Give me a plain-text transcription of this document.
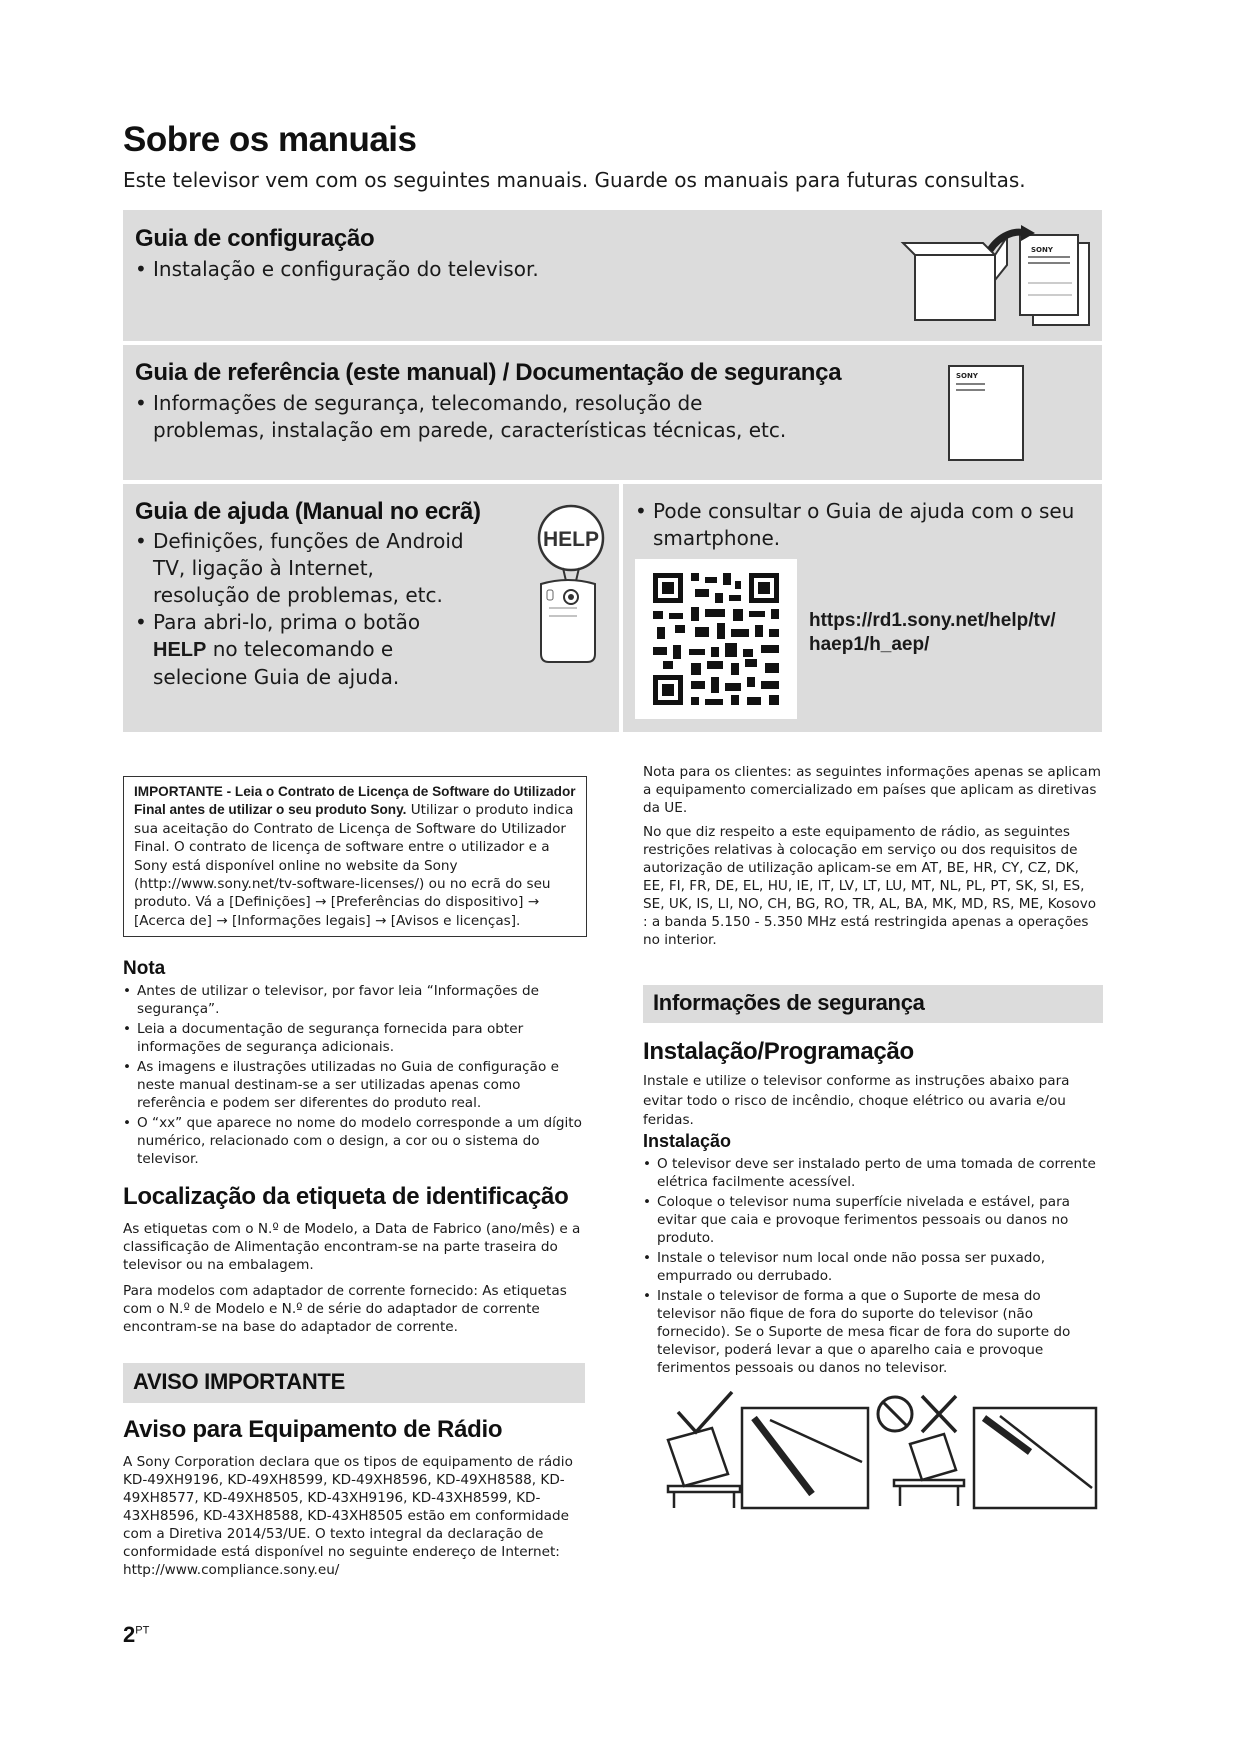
Sobre os manuais
Este televisor vem com os seguintes manuais. Guarde os manuais para futuras consultas.
Guia de configuração
• Instalação e configuração do televisor.
SONY
Guia de referência (este manual) / Documentação de segurança
• Informações de segurança, telecomando, resolução de problemas, instalação em parede, características técnicas, etc.
SONY
Guia de ajuda (Manual no ecrã)
• Definições, funções de Android TV, ligação à Internet, resolução de problemas, etc.
• Para abri-lo, prima o botão HELP no telecomando e selecione Guia de ajuda.
HELP
• Pode consultar o Guia de ajuda com o seu smartphone.
https://rd1.sony.net/help/tv/
haep1/h_aep/
IMPORTANTE - Leia o Contrato de Licença de Software do Utilizador Final antes de utilizar o seu produto Sony. Utilizar o produto indica sua aceitação do Contrato de Licença de Software do Utilizador Final. O contrato de licença de software entre o utilizador e a Sony está disponível online no website da Sony (http://www.sony.net/tv-software-licenses/) ou no ecrã do seu produto. Vá a [Definições] → [Preferências do dispositivo] → [Acerca de] → [Informações legais] → [Avisos e licenças].
Nota

• Antes de utilizar o televisor, por favor leia “Informações de segurança”.

• Leia a documentação de segurança fornecida para obter informações de segurança adicionais.

• As imagens e ilustrações utilizadas no Guia de configuração e neste manual destinam-se a ser utilizadas apenas como referência e podem ser diferentes do produto real.

• O “xx” que aparece no nome do modelo corresponde a um dígito numérico, relacionado com o design, a cor ou o sistema do televisor.

Localização da etiqueta de identificação

As etiquetas com o N.º de Modelo, a Data de Fabrico (ano/mês) e a classificação de Alimentação encontram-se na parte traseira do televisor ou na embalagem.

Para modelos com adaptador de corrente fornecido: As etiquetas com o N.º de Modelo e N.º de série do adaptador de corrente encontram-se na base do adaptador de corrente.

AVISO IMPORTANTE
Aviso para Equipamento de Rádio
A Sony Corporation declara que os tipos de equipamento de rádio KD-49XH9196, KD-49XH8599, KD-49XH8596, KD-49XH8588, KD-49XH8577, KD-49XH8505, KD-43XH9196, KD-43XH8599, KD-43XH8596, KD-43XH8588, KD-43XH8505 estão em conformidade com a Diretiva 2014/53/UE. O texto integral da declaração de conformidade está disponível no seguinte endereço de Internet: http://www.compliance.sony.eu/

Nota para os clientes: as seguintes informações apenas se aplicam a equipamento comercializado em países que aplicam as diretivas da UE.

No que diz respeito a este equipamento de rádio, as seguintes restrições relativas à colocação em serviço ou dos requisitos de autorização de utilização aplicam-se em AT, BE, HR, CY, CZ, DK, EE, FI, FR, DE, EL, HU, IE, IT, LV, LT, LU, MT, NL, PL, PT, SK, SI, ES, SE, UK, IS, LI, NO, CH, BG, RO, TR, AL, BA, MK, MD, RS, ME, Kosovo : a banda 5.150 - 5.350 MHz está restringida apenas a operações no interior.

Informações de segurança
Instalação/Programação
Instale e utilize o televisor conforme as instruções abaixo para evitar todo o risco de incêndio, choque elétrico ou avaria e/ou feridas.
Instalação

• O televisor deve ser instalado perto de uma tomada de corrente elétrica facilmente acessível.

• Coloque o televisor numa superfície nivelada e estável, para evitar que caia e provoque ferimentos pessoais ou danos no produto.

• Instale o televisor num local onde não possa ser puxado, empurrado ou derrubado.

• Instale o televisor de forma a que o Suporte de mesa do televisor não fique de fora do suporte do televisor (não fornecido). Se o Suporte de mesa ficar de fora do suporte do televisor, poderá levar a que o aparelho caia e provoque ferimentos pessoais ou danos no televisor.

$2^{PT}$
